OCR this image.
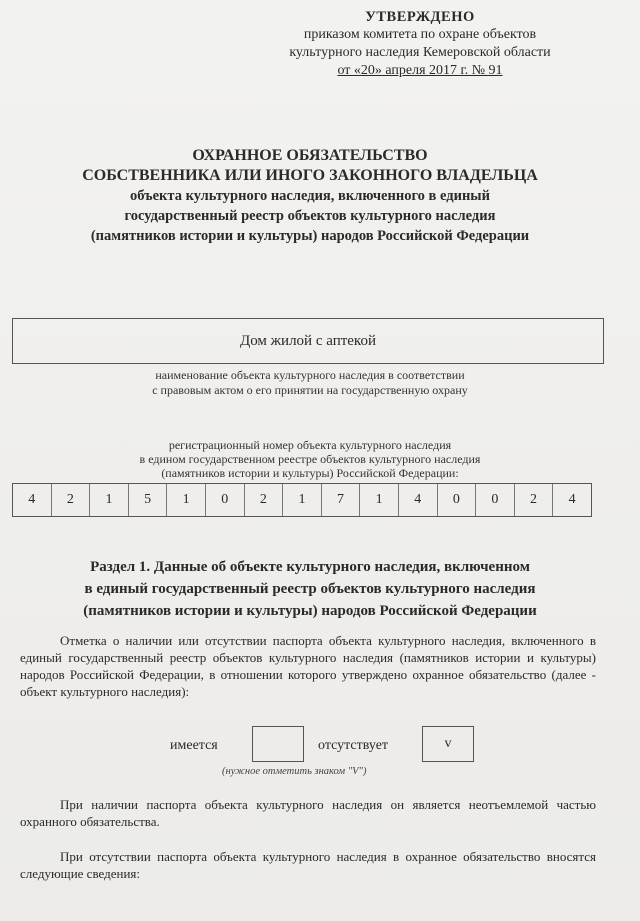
УТВЕРЖДЕНО
приказом комитета по охране объектов
культурного наследия Кемеровской области
от «20» апреля 2017 г. № 91
ОХРАННОЕ ОБЯЗАТЕЛЬСТВО
СОБСТВЕННИКА ИЛИ ИНОГО ЗАКОННОГО ВЛАДЕЛЬЦА
объекта культурного наследия, включенного в единый
государственный реестр объектов культурного наследия
(памятников истории и культуры) народов Российской Федерации
Дом жилой с аптекой
наименование объекта культурного наследия в соответствии
с правовым актом о его принятии на государственную охрану
регистрационный номер объекта культурного наследия
в едином государственном реестре объектов культурного наследия
(памятников истории и культуры) Российской Федерации:
4	2	1	5	1	0	2	1	7	1	4	0	0	2	4
Раздел 1. Данные об объекте культурного наследия, включенном
в единый государственный реестр объектов культурного наследия
(памятников истории и культуры) народов Российской Федерации
Отметка о наличии или отсутствии паспорта объекта культурного наследия, включенного в единый государственный реестр объектов культурного наследия (памятников истории и культуры) народов Российской Федерации, в отношении которого утверждено охранное обязательство (далее - объект культурного наследия):
имеется	отсутствует	v
(нужное отметить знаком "V")
При наличии паспорта объекта культурного наследия он является неотъемлемой частью охранного обязательства.
При отсутствии паспорта объекта культурного наследия в охранное обязательство вносятся следующие сведения:
